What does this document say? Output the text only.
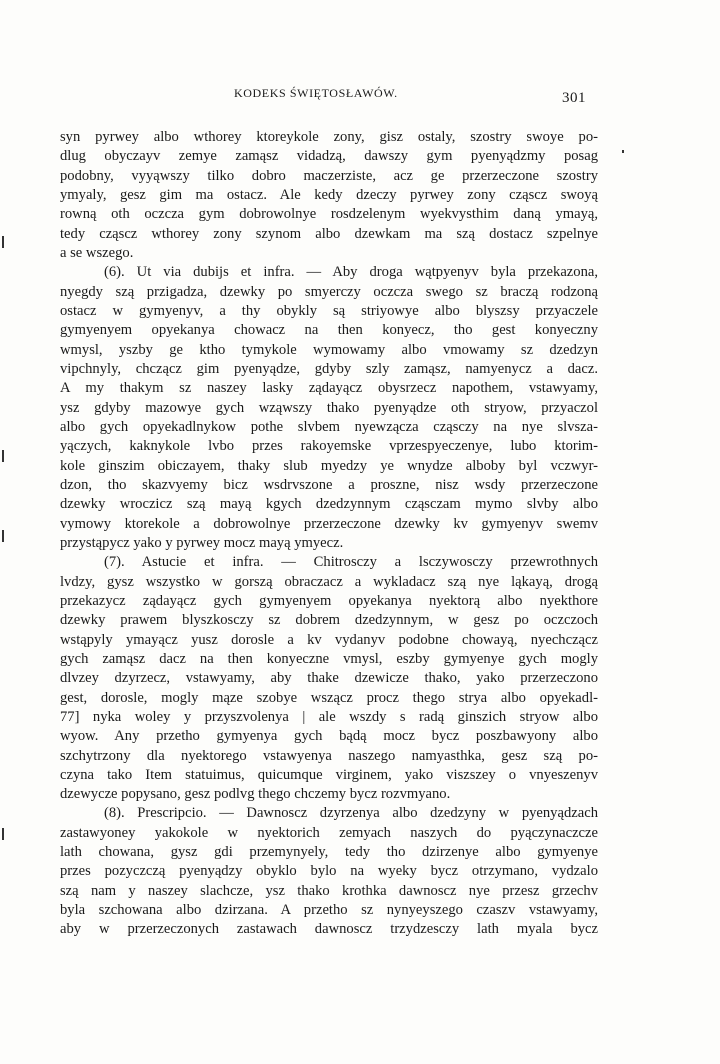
KODEKS ŚWIĘTOSŁAWÓW.	301
syn pyrwey albo wthorey ktoreykole zony, gisz ostaly, szostry swoye po-
dlug obyczayv zemye zamąsz vidadzą, dawszy gym pyenyądzmy posag
podobny, vyyąwszy tilko dobro maczerziste, acz ge przerzeczone szostry
ymyaly, gesz gim ma ostacz. Ale kedy dzeczy pyrwey zony cząscz swoyą
rowną oth oczcza gym dobrowolnye rosdzelenym wyekvysthim daną ymayą,
tedy cząscz wthorey zony szynom albo dzewkam ma szą dostacz szpelnye
a se wszego.
(6). Ut via dubijs et infra. — Aby droga wątpyenyv byla przekazona,
nyegdy szą przigadza, dzewky po smyerczy oczcza swego sz braczą rodzoną
ostacz w gymyenyv, a thy obykly są striyowye albo blyszsy przyaczele
gymyenyem opyekanya chowacz na then konyecz, tho gest konyeczny
wmysl, yszby ge ktho tymykole wymowamy albo vmowamy sz dzedzyn
vipchnyly, chcząсz gim pyenyądze, gdyby szly zamąsz, namyenycz a dacz.
A my thakym sz naszey lasky ządayącz obysrzecz napothem, vstawyamy,
ysz gdyby mazowye gych wząwszy thako pyenyądze oth stryow, przyaczol
albo gych opyekadlnykow pothe slvbem nyewząсza cząsczy na nye slvsza-
yączych, kaknykole lvbo przes rakoyemske vprzespyeczenye, lubo ktorim-
kole ginszim obiczayem, thaky slub myedzy ye wnydze alboby byl vczwyr-
dzon, tho skazvyemy bicz wsdrvszone a proszne, nisz wsdy przerzeczone
dzewky wroczicz szą mayą kgych dzedzynnym cząsczam mymo slvby albo
vymowy ktorekole a dobrowolnye przerzeczone dzewky kv gymyenyv swemv
przystąpycz yako y pyrwey mocz mayą ymyecz.
(7). Astucie et infra. — Chitrosczy a lsczywosczy przewrothnych
lvdzy, gysz wszystko w gorszą obraczacz a wykladacz szą nye ląkayą, drogą
przekazycz ządayącz gych gymyenyem opyekanya nyektorą albo nyekthore
dzewky prawem blyszkosczy sz dobrem dzedzynnym, w gesz po oczczoch
wstąpyly ymayącz yusz dorosle a kv vydanyv podobne chowayą, nyechcząсz
gych zamąsz dacz na then konyeczne vmysl, eszby gymyenye gych mogly
dlvzey dzyrzecz, vstawyamy, aby thake dzewicze thako, yako przerzeczono
gest, dorosle, mogly mąze szobye wsząсz procz thego strya albo opyekadl-
77] nyka woley y przyszvolenya | ale wszdy s radą ginszich stryow albo
wyow. Any przetho gymyenya gych bądą mocz bycz poszbawyony albo
szchytrzony dla nyektorego vstawyenya naszego namyasthka, gesz szą po-
czyna tako Item statuimus, quicumque virginem, yako viszszey o vnyeszenyv
dzewycze popysano, gesz podlvg thego chczemy bycz rozvmyano.
(8). Prescripcio. — Dawnoscz dzyrzenya albo dzedzyny w pyenyądzach
zastawyoney yakokole w nyektorich zemyach naszych do pyączynaczcze
lath chowana, gysz gdi przemynyely, tedy tho dzirzenye albo gymyenye
przes pozyczczą pyenyądzy obyklo bylo na wyeky bycz otrzymano, vydzalo
szą nam y naszey slachcze, ysz thako krothka dawnoscz nye przesz grzechv
byla szchowana albo dzirzana. A przetho sz nynyeyszego czaszv vstawyamy,
aby w przerzeczonych zastawach dawnoscz trzydzesczy lath myala bycz
